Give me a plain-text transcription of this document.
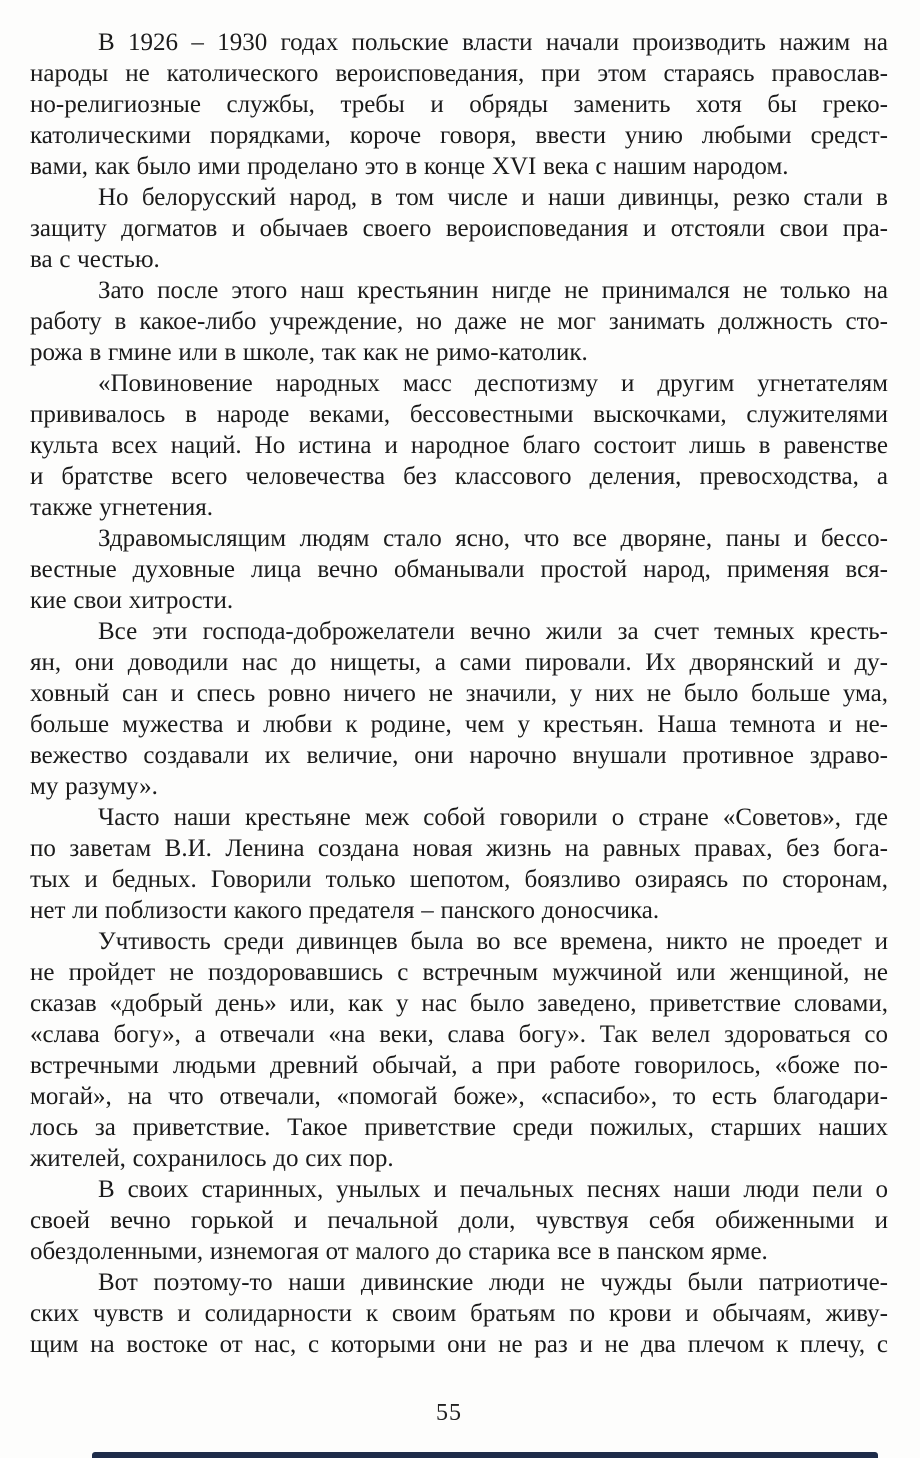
В 1926 – 1930 годах польские власти начали производить нажим на
народы не католического вероисповедания, при этом стараясь православ-
но-религиозные службы, требы и обряды заменить хотя бы греко-
католическими порядками, короче говоря, ввести унию любыми средст-
вами, как было ими проделано это в конце XVI века с нашим народом.
Но белорусский народ, в том числе и наши дивинцы, резко стали в
защиту догматов и обычаев своего вероисповедания и отстояли свои пра-
ва с честью.
Зато после этого наш крестьянин нигде не принимался не только на
работу в какое-либо учреждение, но даже не мог занимать должность сто-
рожа в гмине или в школе, так как не римо-католик.
«Повиновение народных масс деспотизму и другим угнетателям
прививалось в народе веками, бессовестными выскочками, служителями
культа всех наций. Но истина и народное благо состоит лишь в равенстве
и братстве всего человечества без классового деления, превосходства, а
также угнетения.
Здравомыслящим людям стало ясно, что все дворяне, паны и бессо-
вестные духовные лица вечно обманывали простой народ, применяя вся-
кие свои хитрости.
Все эти господа-доброжелатели вечно жили за счет темных кресть-
ян, они доводили нас до нищеты, а сами пировали. Их дворянский и ду-
ховный сан и спесь ровно ничего не значили, у них не было больше ума,
больше мужества и любви к родине, чем у крестьян. Наша темнота и не-
вежество создавали их величие, они нарочно внушали противное здраво-
му разуму».
Часто наши крестьяне меж собой говорили о стране «Советов», где
по заветам В.И. Ленина создана новая жизнь на равных правах, без бога-
тых и бедных. Говорили только шепотом, боязливо озираясь по сторонам,
нет ли поблизости какого предателя – панского доносчика.
Учтивость среди дивинцев была во все времена, никто не проедет и
не пройдет не поздоровавшись с встречным мужчиной или женщиной, не
сказав «добрый день» или, как у нас было заведено, приветствие словами,
«слава богу», а отвечали «на веки, слава богу». Так велел здороваться со
встречными людьми древний обычай, а при работе говорилось, «боже по-
могай», на что отвечали, «помогай боже», «спасибо», то есть благодари-
лось за приветствие. Такое приветствие среди пожилых, старших наших
жителей, сохранилось до сих пор.
В своих старинных, унылых и печальных песнях наши люди пели о
своей вечно горькой и печальной доли, чувствуя себя обиженными и
обездоленными, изнемогая от малого до старика все в панском ярме.
Вот поэтому-то наши дивинские люди не чужды были патриотиче-
ских чувств и солидарности к своим братьям по крови и обычаям, живу-
щим на востоке от нас, с которыми они не раз и не два плечом к плечу, с
55
